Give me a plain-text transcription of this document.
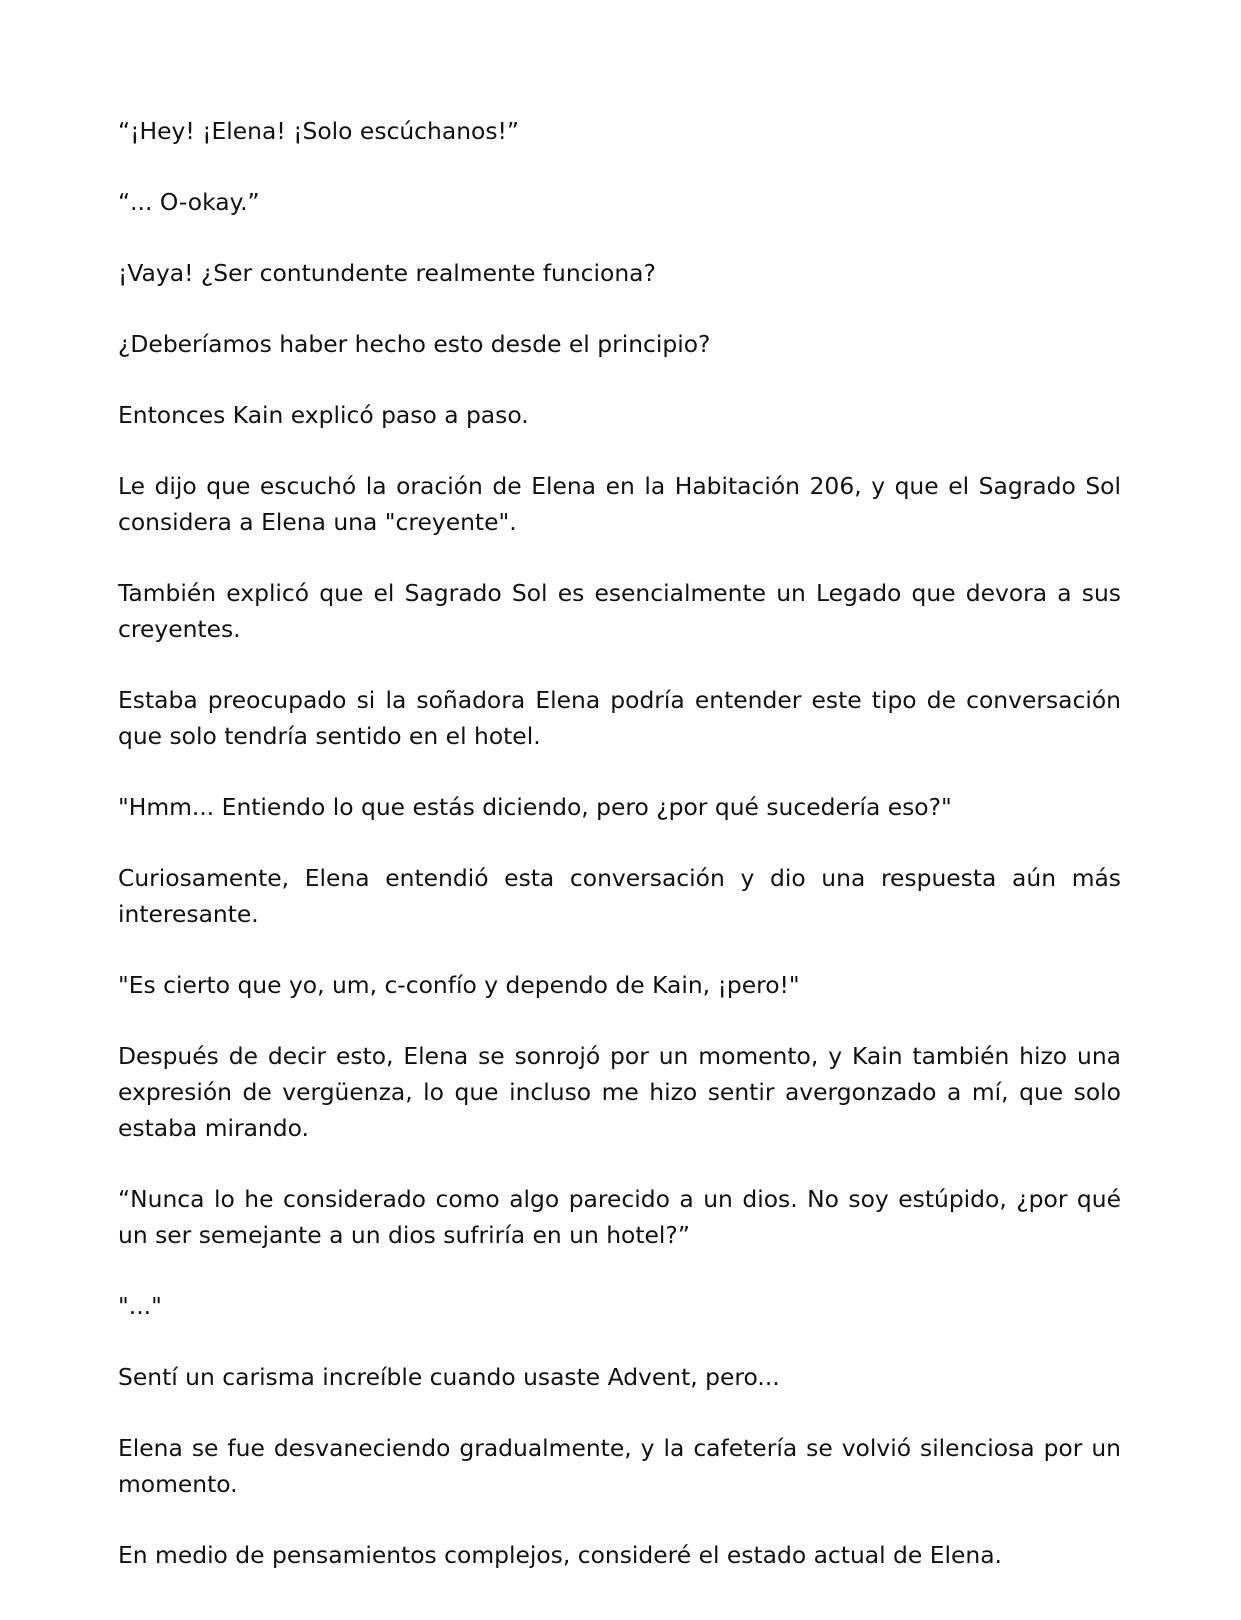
“¡Hey! ¡Elena! ¡Solo escúchanos!”

“... O-okay.”

¡Vaya! ¿Ser contundente realmente funciona?

¿Deberíamos haber hecho esto desde el principio?

Entonces Kain explicó paso a paso.

Le dijo que escuchó la oración de Elena en la Habitación 206, y que el Sagrado Sol considera a Elena una "creyente".

También explicó que el Sagrado Sol es esencialmente un Legado que devora a sus creyentes.

Estaba preocupado si la soñadora Elena podría entender este tipo de conversación que solo tendría sentido en el hotel.

"Hmm... Entiendo lo que estás diciendo, pero ¿por qué sucedería eso?"

Curiosamente, Elena entendió esta conversación y dio una respuesta aún más interesante.

"Es cierto que yo, um, c-confío y dependo de Kain, ¡pero!"

Después de decir esto, Elena se sonrojó por un momento, y Kain también hizo una expresión de vergüenza, lo que incluso me hizo sentir avergonzado a mí, que solo estaba mirando.

“Nunca lo he considerado como algo parecido a un dios. No soy estúpido, ¿por qué un ser semejante a un dios sufriría en un hotel?”

"..."

Sentí un carisma increíble cuando usaste Advent, pero...

Elena se fue desvaneciendo gradualmente, y la cafetería se volvió silenciosa por un momento.

En medio de pensamientos complejos, consideré el estado actual de Elena.
